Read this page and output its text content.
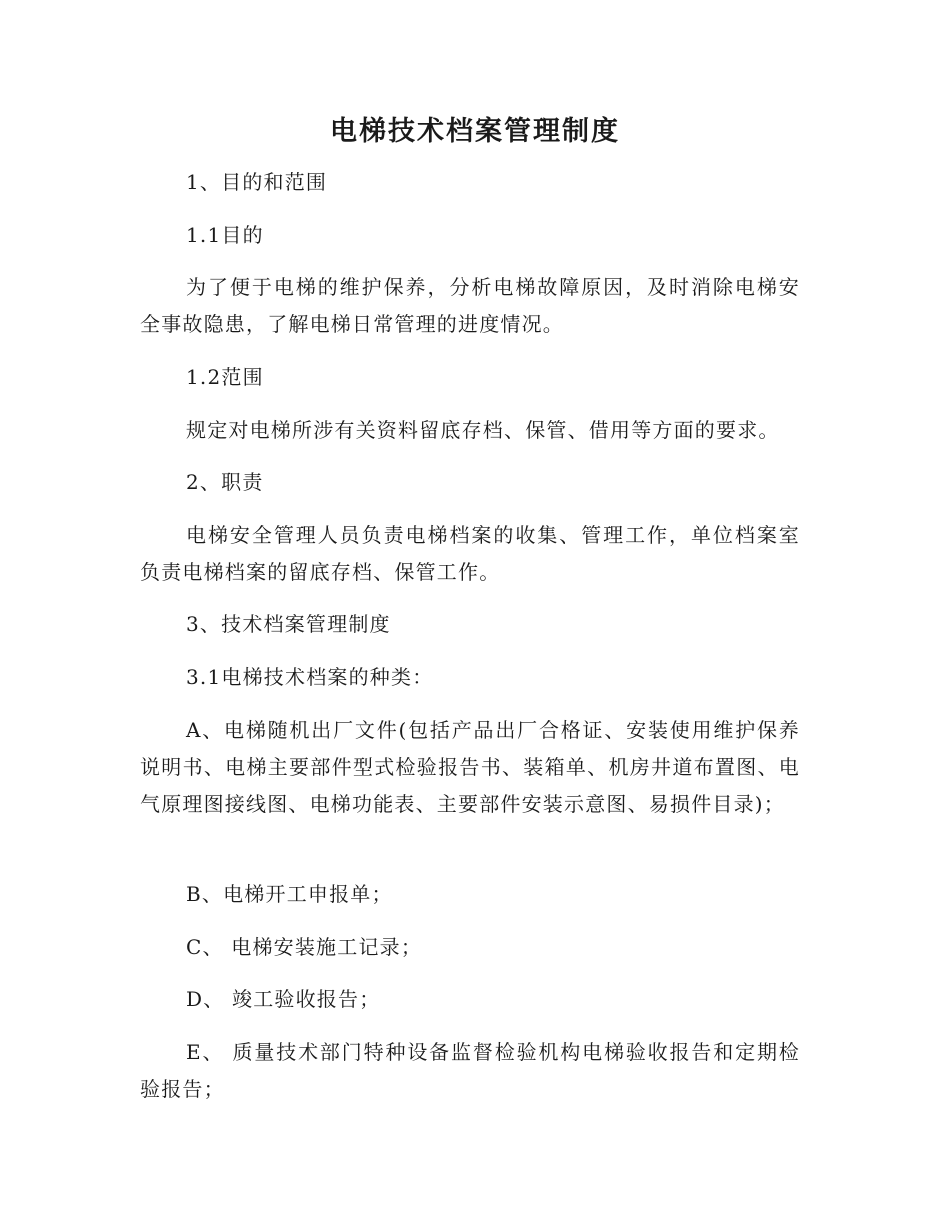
电梯技术档案管理制度

1、目的和范围

1.1目的

为了便于电梯的维护保养，分析电梯故障原因，及时消除电梯安全事故隐患，了解电梯日常管理的进度情况。

1.2范围

规定对电梯所涉有关资料留底存档、保管、借用等方面的要求。

2、职责

电梯安全管理人员负责电梯档案的收集、管理工作，单位档案室负责电梯档案的留底存档、保管工作。

3、技术档案管理制度

3.1电梯技术档案的种类：

A、电梯随机出厂文件(包括产品出厂合格证、安装使用维护保养说明书、电梯主要部件型式检验报告书、装箱单、机房井道布置图、电气原理图接线图、电梯功能表、主要部件安装示意图、易损件目录)；

B、电梯开工申报单；

C、 电梯安装施工记录；

D、 竣工验收报告；

E、 质量技术部门特种设备监督检验机构电梯验收报告和定期检验报告；
